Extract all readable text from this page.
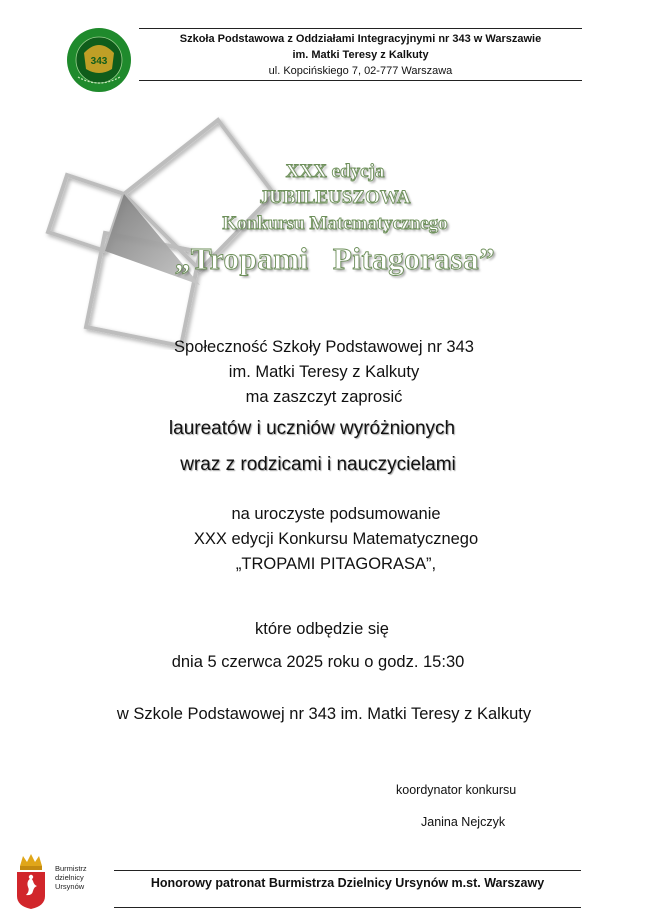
343
Szkoła Podstawowa z Oddziałami Integracyjnymi nr 343 w Warszawie
im. Matki Teresy z Kalkuty
ul. Kopcińskiego 7, 02-777 Warszawa
XXX edycja
JUBILEUSZOWA
Konkursu Matematycznego
„Tropami Pitagorasa”
Społeczność Szkoły Podstawowej nr 343
im. Matki Teresy z Kalkuty
ma zaszczyt zaprosić
laureatów i uczniów wyróżnionych
wraz z rodzicami i nauczycielami
na uroczyste podsumowanie
XXX edycji Konkursu Matematycznego
„TROPAMI PITAGORASA”,
które odbędzie się
dnia 5 czerwca 2025 roku o godz. 15:30
w Szkole Podstawowej nr 343 im. Matki Teresy z Kalkuty
koordynator konkursu
Janina Nejczyk
Burmistrz
dzielnicy
Ursynów	Honorowy patronat Burmistrza Dzielnicy Ursynów m.st. Warszawy
